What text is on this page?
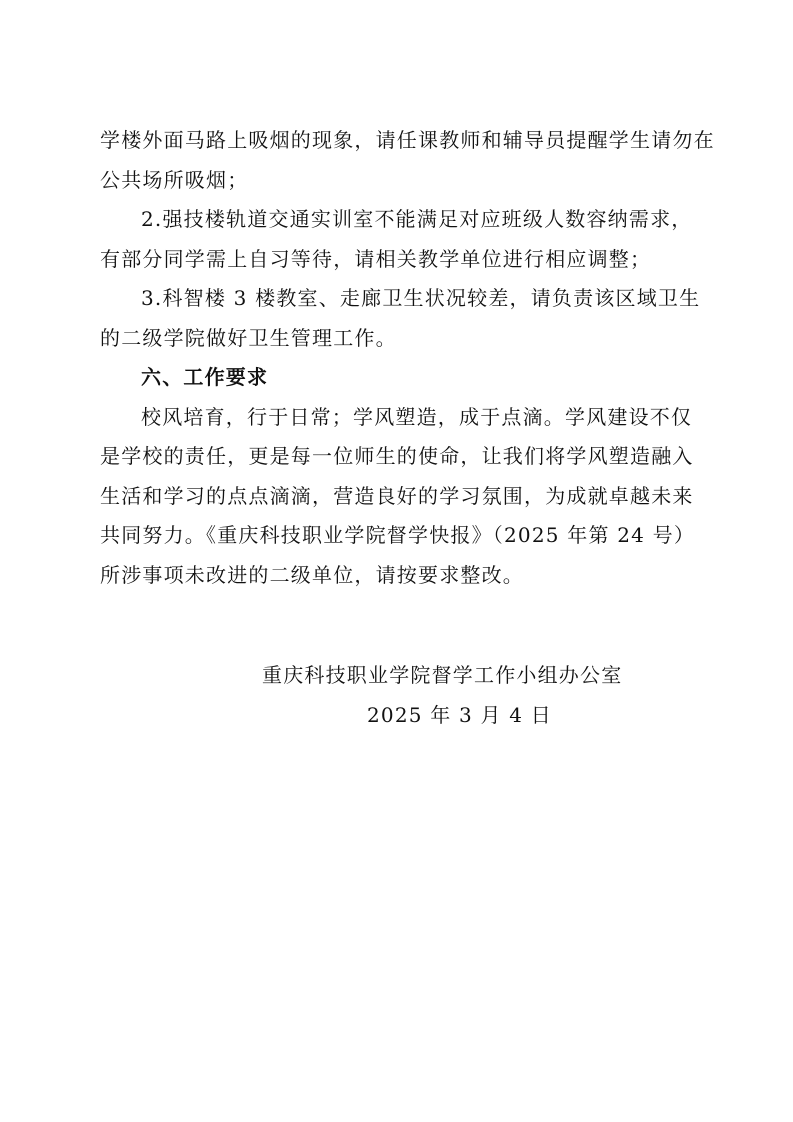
学楼外面马路上吸烟的现象，请任课教师和辅导员提醒学生请勿在

公共场所吸烟；

2.强技楼轨道交通实训室不能满足对应班级人数容纳需求，

有部分同学需上自习等待，请相关教学单位进行相应调整；

3.科智楼 3 楼教室、走廊卫生状况较差，请负责该区域卫生

的二级学院做好卫生管理工作。

六、工作要求

校风培育，行于日常；学风塑造，成于点滴。学风建设不仅

是学校的责任，更是每一位师生的使命，让我们将学风塑造融入

生活和学习的点点滴滴，营造良好的学习氛围，为成就卓越未来

共同努力。《重庆科技职业学院督学快报》（2025 年第 24 号）

所涉事项未改进的二级单位，请按要求整改。

重庆科技职业学院督学工作小组办公室
2025 年 3 月 4 日
